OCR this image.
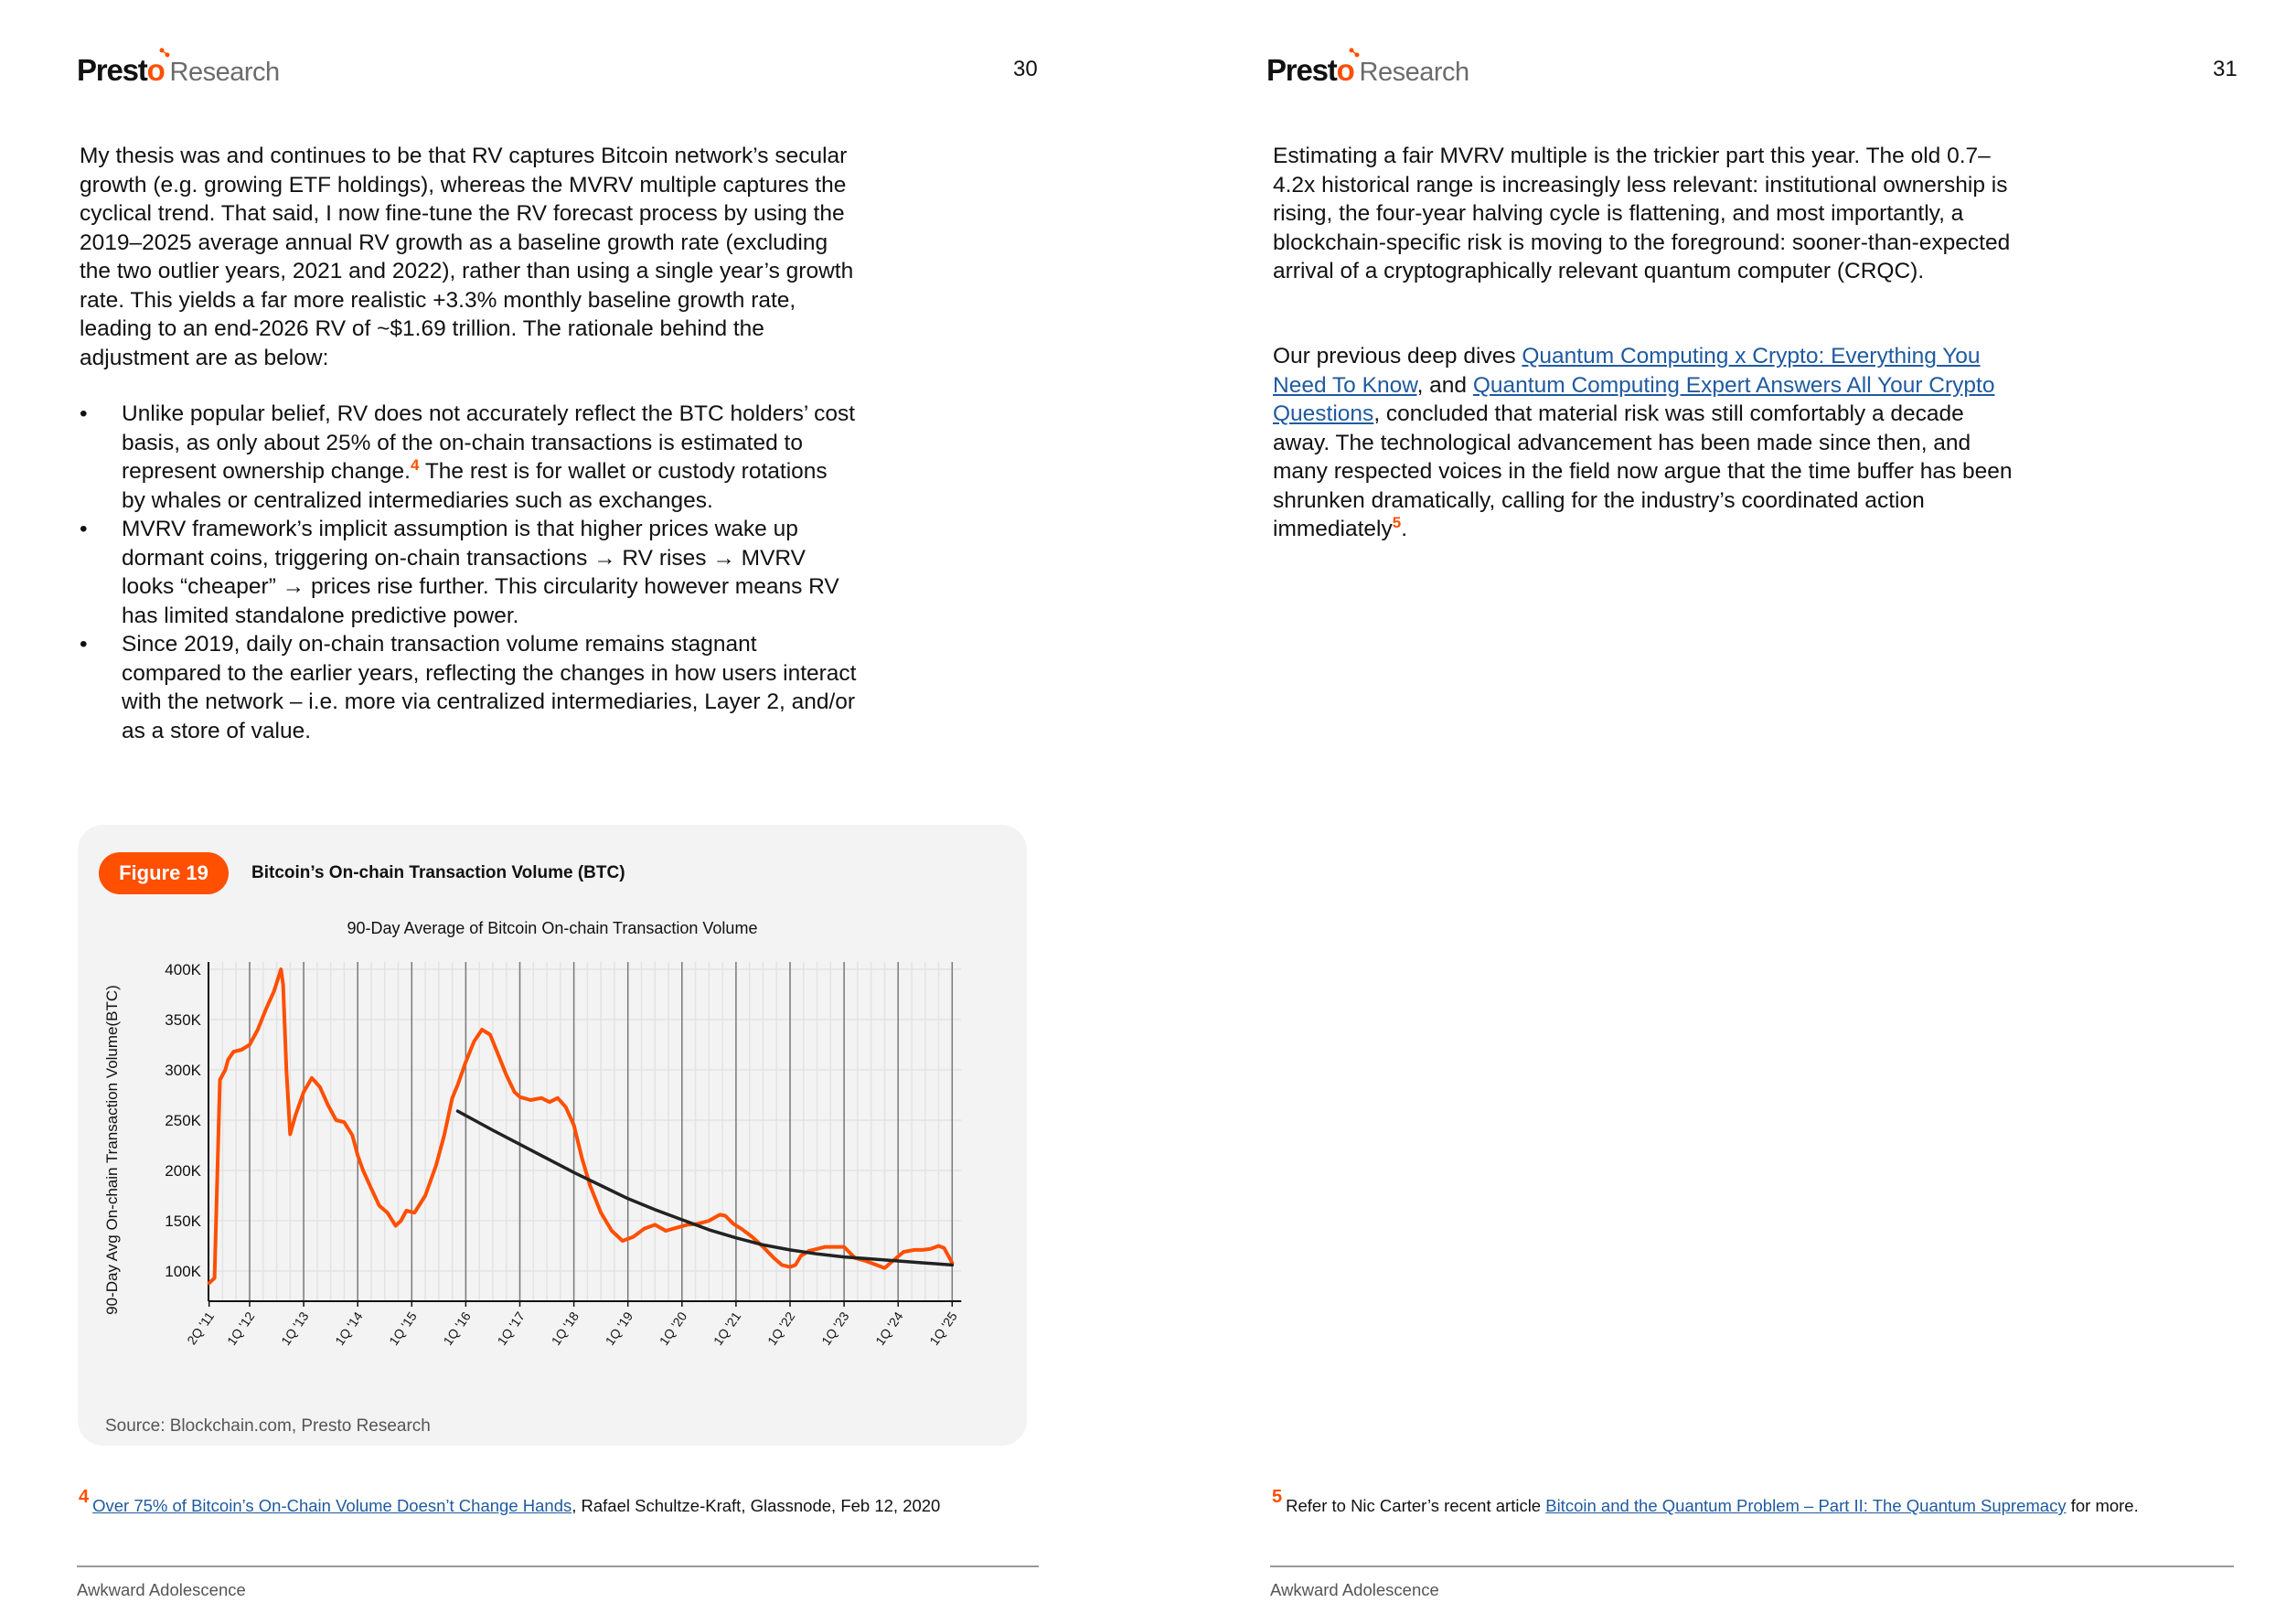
Presto Research	30

My thesis was and continues to be that RV captures Bitcoin network’s secular growth (e.g. growing ETF holdings), whereas the MVRV multiple captures the cyclical trend. That said, I now fine-tune the RV forecast process by using the 2019–2025 average annual RV growth as a baseline growth rate (excluding the two outlier years, 2021 and 2022), rather than using a single year’s growth rate. This yields a far more realistic +3.3% monthly baseline growth rate, leading to an end-2026 RV of ~$1.69 trillion. The rationale behind the adjustment are as below:

• Unlike popular belief, RV does not accurately reflect the BTC holders’ cost basis, as only about 25% of the on-chain transactions is estimated to represent ownership change.$^4$ The rest is for wallet or custody rotations by whales or centralized intermediaries such as exchanges.
• MVRV framework’s implicit assumption is that higher prices wake up dormant coins, triggering on-chain transactions → RV rises → MVRV looks “cheaper” → prices rise further. This circularity however means RV has limited standalone predictive power.
• Since 2019, daily on-chain transaction volume remains stagnant compared to the earlier years, reflecting the changes in how users interact with the network – i.e. more via centralized intermediaries, Layer 2, and/or as a store of value.
Figure 19	Bitcoin’s On-chain Transaction Volume (BTC)
90-Day Average of Bitcoin On-chain Transaction Volume
100K
150K
200K
250K
300K
350K
400K
2Q '11 1Q '12 1Q '13 1Q '14 1Q '15 1Q '16 1Q '17 1Q '18 1Q '19 1Q '20 1Q '21 1Q '22 1Q '23 1Q '24 1Q '25
90-Day Avg On-chain Transaction Volume(BTC)
Source: Blockchain.com, Presto Research
4 Over 75% of Bitcoin’s On-Chain Volume Doesn’t Change Hands, Rafael Schultze-Kraft, Glassnode, Feb 12, 2020
Awkward Adolescence
Presto Research	31

Estimating a fair MVRV multiple is the trickier part this year. The old 0.7–4.2x historical range is increasingly less relevant: institutional ownership is rising, the four-year halving cycle is flattening, and most importantly, a blockchain-specific risk is moving to the foreground: sooner-than-expected arrival of a cryptographically relevant quantum computer (CRQC).

Our previous deep dives Quantum Computing x Crypto: Everything You Need To Know, and Quantum Computing Expert Answers All Your Crypto Questions, concluded that material risk was still comfortably a decade away. The technological advancement has been made since then, and many respected voices in the field now argue that the time buffer has been shrunken dramatically, calling for the industry’s coordinated action immediately$^5$.

5 Refer to Nic Carter’s recent article Bitcoin and the Quantum Problem – Part II: The Quantum Supremacy for more.
Awkward Adolescence
